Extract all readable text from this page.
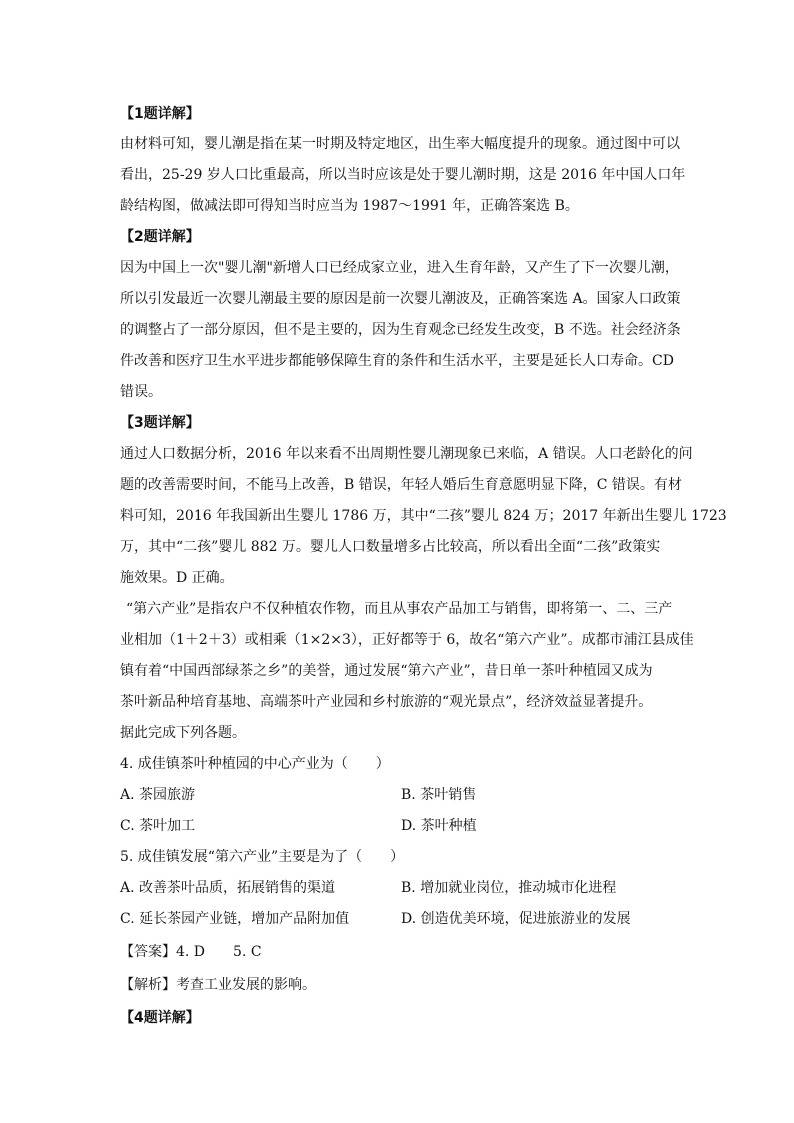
【1题详解】
由材料可知，婴儿潮是指在某一时期及特定地区，出生率大幅度提升的现象。通过图中可以
看出，25-29 岁人口比重最高，所以当时应该是处于婴儿潮时期，这是 2016 年中国人口年
龄结构图，做减法即可得知当时应当为 1987～1991 年，正确答案选 B。
【2题详解】
因为中国上一次"婴儿潮"新增人口已经成家立业，进入生育年龄，又产生了下一次婴儿潮，
所以引发最近一次婴儿潮最主要的原因是前一次婴儿潮波及，正确答案选 A。国家人口政策
的调整占了一部分原因，但不是主要的，因为生育观念已经发生改变，B 不选。社会经济条
件改善和医疗卫生水平进步都能够保障生育的条件和生活水平，主要是延长人口寿命。CD
错误。
【3题详解】
通过人口数据分析，2016 年以来看不出周期性婴儿潮现象已来临，A 错误。人口老龄化的问
题的改善需要时间，不能马上改善，B 错误，年轻人婚后生育意愿明显下降，C 错误。有材
料可知，2016 年我国新出生婴儿 1786 万，其中“二孩”婴儿 824 万；2017 年新出生婴儿 1723
万，其中“二孩”婴儿 882 万。婴儿人口数量增多占比较高，所以看出全面“二孩”政策实
施效果。D 正确。
“第六产业”是指农户不仅种植农作物，而且从事农产品加工与销售，即将第一、二、三产
业相加（1＋2＋3）或相乘（1×2×3），正好都等于 6，故名“第六产业”。成都市浦江县成佳
镇有着“中国西部绿茶之乡”的美誉，通过发展“第六产业”，昔日单一茶叶种植园又成为
茶叶新品种培育基地、高端茶叶产业园和乡村旅游的“观光景点”，经济效益显著提升。
据此完成下列各题。
4. 成佳镇茶叶种植园的中心产业为（　　）
A. 茶园旅游	B. 茶叶销售
C. 茶叶加工	D. 茶叶种植
5. 成佳镇发展“第六产业”主要是为了（　　）
A. 改善茶叶品质，拓展销售的渠道	B. 增加就业岗位，推动城市化进程
C. 延长茶园产业链，增加产品附加值	D. 创造优美环境，促进旅游业的发展
【答案】4. D　　5. C
【解析】考查工业发展的影响。
【4题详解】
